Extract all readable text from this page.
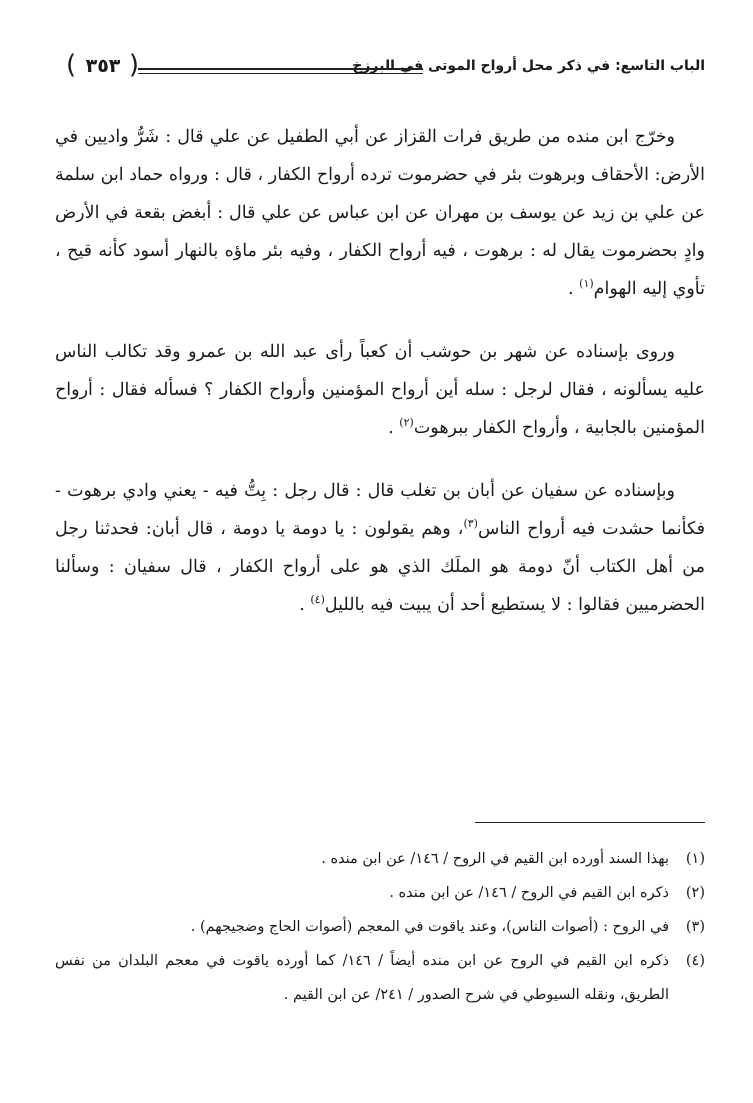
الباب التاسع: في ذكر محل أرواح الموتى في البرزخ
( ٣٥٣ )

وخرّج ابن منده من طريق فرات القزاز عن أبي الطفيل عن علي قال : شَرُّ واديين في الأرض: الأحقاف وبرهوت بئر في حضرموت ترده أرواح الكفار ، قال : ورواه حماد ابن سلمة عن علي بن زيد عن يوسف بن مهران عن ابن عباس عن علي قال : أبغض بقعة في الأرض وادٍ بحضرموت يقال له : برهوت ، فيه أرواح الكفار ، وفيه بئر ماؤه بالنهار أسود كأنه قيح ، تأوي إليه الهوام$^{(١)}$ .

وروى بإسناده عن شهر بن حوشب أن كعباً رأى عبد الله بن عمرو وقد تكالب الناس عليه يسألونه ، فقال لرجل : سله أين أرواح المؤمنين وأرواح الكفار ؟ فسأله فقال : أرواح المؤمنين بالجابية ، وأرواح الكفار ببرهوت$^{(٢)}$ .

وبإسناده عن سفيان عن أبان بن تغلب قال : قال رجل : بِتُّ فيه - يعني وادي برهوت - فكأنما حشدت فيه أرواح الناس$^{(٣)}$، وهم يقولون : يا دومة يا دومة ، قال أبان: فحدثنا رجل من أهل الكتاب أنّ دومة هو الملَك الذي هو على أرواح الكفار ، قال سفيان : وسألنا الحضرميين فقالوا : لا يستطيع أحد أن يبيت فيه بالليل$^{(٤)}$ .

(١)بهذا السند أورده ابن القيم في الروح / ١٤٦/ عن ابن منده .

(٢)ذكره ابن القيم في الروح / ١٤٦/ عن ابن منده .

(٣)في الروح : (أصوات الناس)، وعند ياقوت في المعجم (أصوات الحاج وضجيجهم) .

(٤)ذكره ابن القيم في الروح عن ابن منده أيضاً / ١٤٦/ كما أورده ياقوت في معجم البلدان من نفس الطريق، ونقله السيوطي في شرح الصدور / ٢٤١/ عن ابن القيم .
